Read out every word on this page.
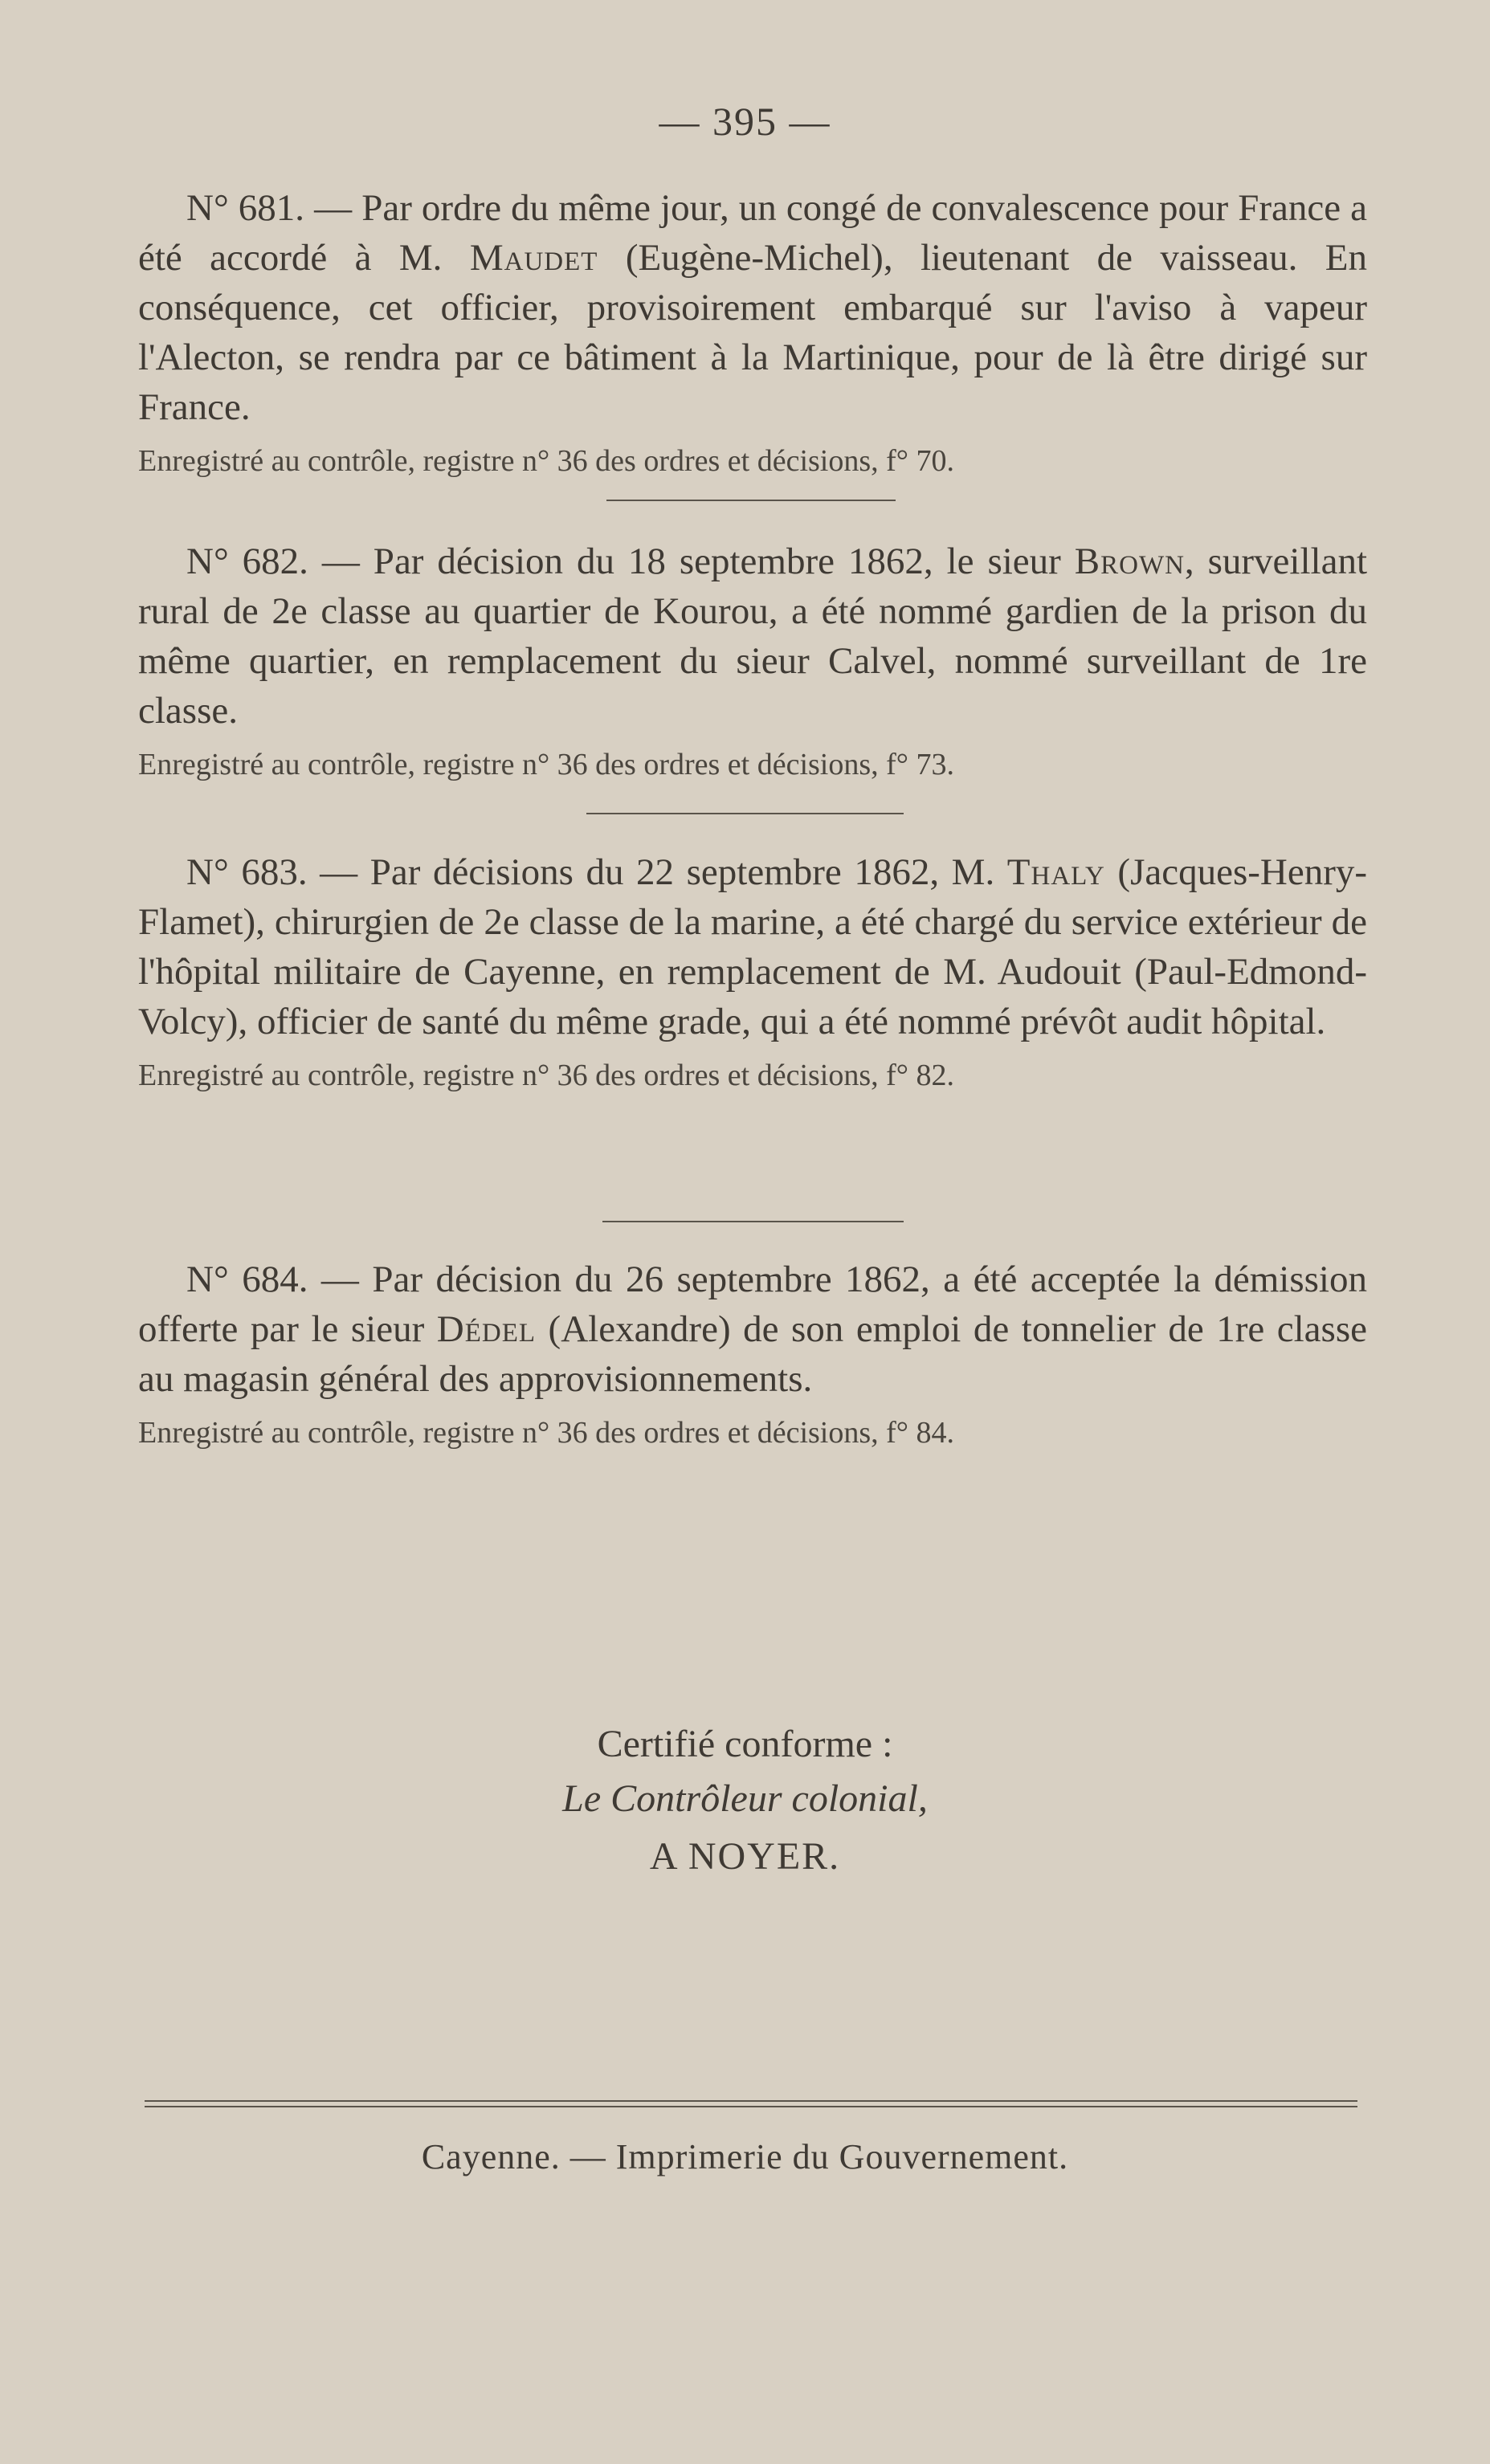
— 395 —

N° 681. — Par ordre du même jour, un congé de convalescence pour France a été accordé à M. Maudet (Eugène-Michel), lieutenant de vaisseau. En conséquence, cet officier, provisoirement embarqué sur l'aviso à vapeur l'Alecton, se rendra par ce bâtiment à la Martinique, pour de là être dirigé sur France.

Enregistré au contrôle, registre n° 36 des ordres et décisions, f° 70.

N° 682. — Par décision du 18 septembre 1862, le sieur Brown, surveillant rural de 2e classe au quartier de Kourou, a été nommé gardien de la prison du même quartier, en remplacement du sieur Calvel, nommé surveillant de 1re classe.

Enregistré au contrôle, registre n° 36 des ordres et décisions, f° 73.

N° 683. — Par décisions du 22 septembre 1862, M. Thaly (Jacques-Henry-Flamet), chirurgien de 2e classe de la marine, a été chargé du service extérieur de l'hôpital militaire de Cayenne, en remplacement de M. Audouit (Paul-Edmond-Volcy), officier de santé du même grade, qui a été nommé prévôt audit hôpital.

Enregistré au contrôle, registre n° 36 des ordres et décisions, f° 82.

N° 684. — Par décision du 26 septembre 1862, a été acceptée la démission offerte par le sieur Dédel (Alexandre) de son emploi de tonnelier de 1re classe au magasin général des approvisionnements.

Enregistré au contrôle, registre n° 36 des ordres et décisions, f° 84.

Certifié conforme :
Le Contrôleur colonial,
A NOYER.
Cayenne. — Imprimerie du Gouvernement.
